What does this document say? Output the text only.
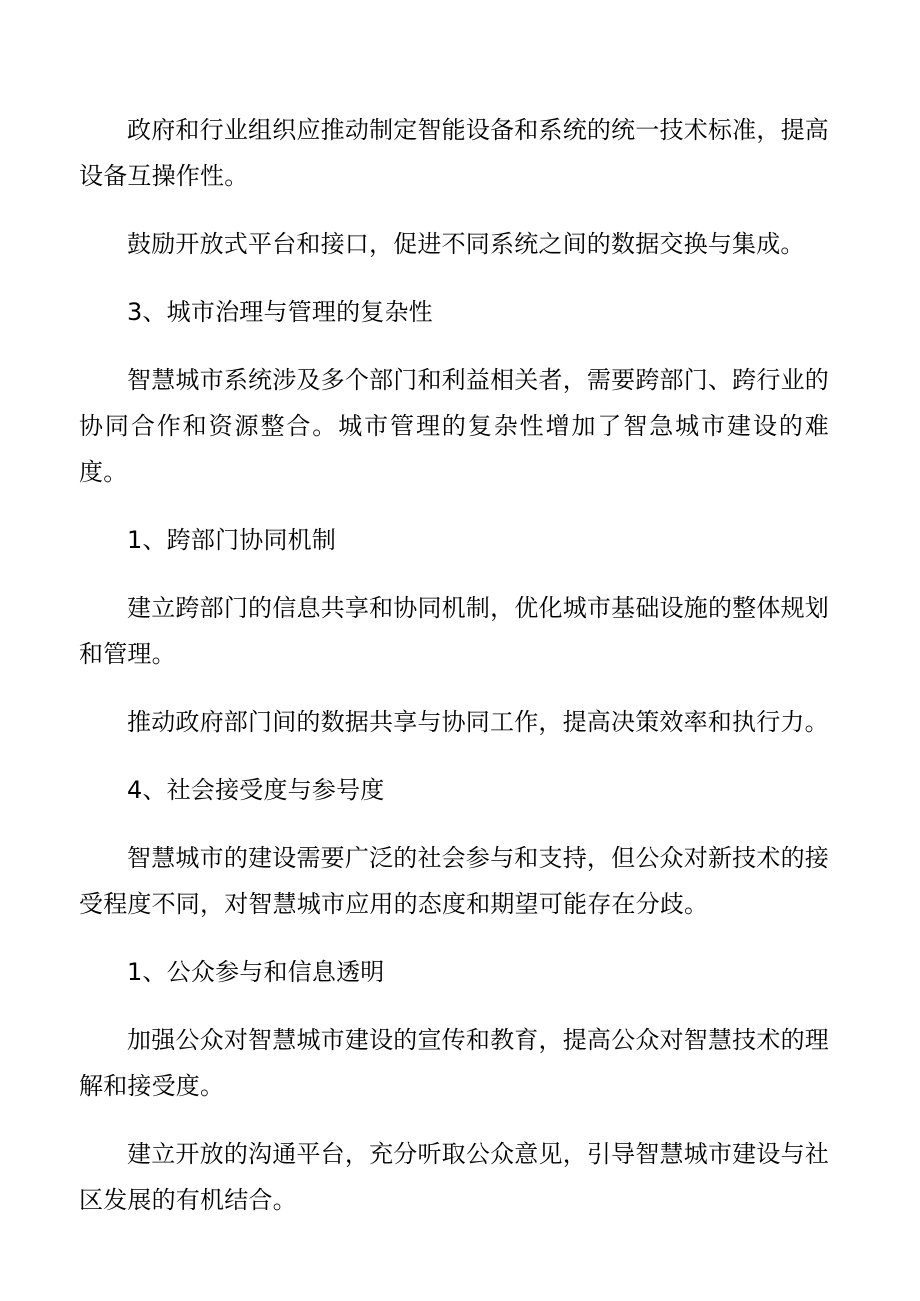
政府和行业组织应推动制定智能设备和系统的统一技术标准，提高设备互操作性。

鼓励开放式平台和接口，促进不同系统之间的数据交换与集成。

3、城市治理与管理的复杂性

智慧城市系统涉及多个部门和利益相关者，需要跨部门、跨行业的协同合作和资源整合。城市管理的复杂性增加了智急城市建设的难度。

1、跨部门协同机制

建立跨部门的信息共享和协同机制，优化城市基础设施的整体规划和管理。

推动政府部门间的数据共享与协同工作，提高决策效率和执行力。

4、社会接受度与参号度

智慧城市的建设需要广泛的社会参与和支持，但公众对新技术的接受程度不同，对智慧城市应用的态度和期望可能存在分歧。

1、公众参与和信息透明

加强公众对智慧城市建设的宣传和教育，提高公众对智慧技术的理解和接受度。

建立开放的沟通平台，充分听取公众意见，引导智慧城市建设与社区发展的有机结合。
